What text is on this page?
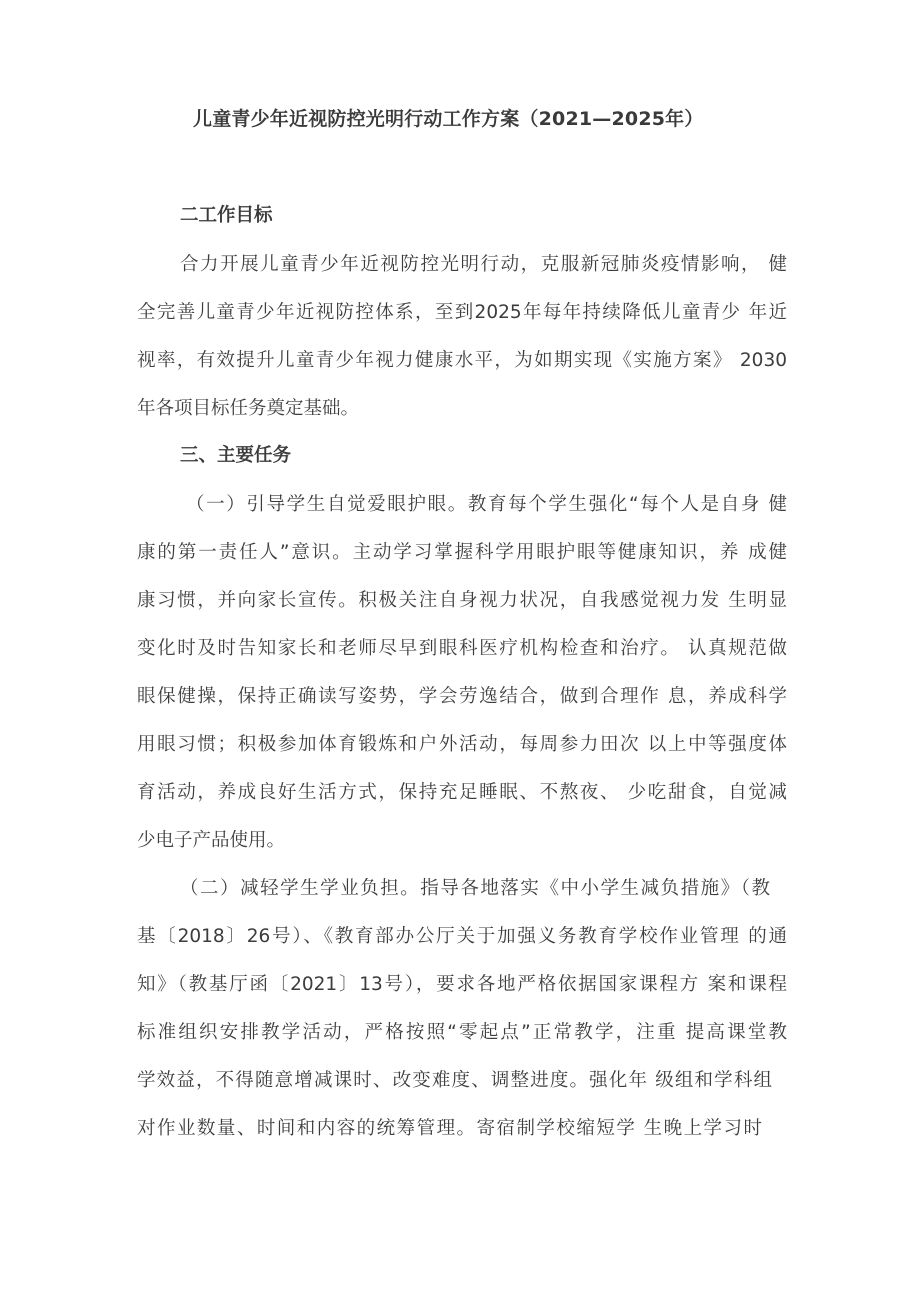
儿童青少年近视防控光明行动工作方案（2021—2025年）
二工作目标
合力开展儿童青少年近视防控光明行动，克服新冠肺炎疫情影响， 健
全完善儿童青少年近视防控体系，至到2025年每年持续降低儿童青少 年近
视率，有效提升儿童青少年视力健康水平，为如期实现《实施方案》 2030
年各项目标任务奠定基础。
三、主要任务
（一）引导学生自觉爱眼护眼。教育每个学生强化“每个人是自身 健
康的第一责任人”意识。主动学习掌握科学用眼护眼等健康知识，养 成健
康习惯，并向家长宣传。积极关注自身视力状况，自我感觉视力发 生明显
变化时及时告知家长和老师尽早到眼科医疗机构检查和治疗。 认真规范做
眼保健操，保持正确读写姿势，学会劳逸结合，做到合理作 息，养成科学
用眼习惯；积极参加体育锻炼和户外活动，每周参力田次 以上中等强度体
育活动，养成良好生活方式，保持充足睡眠、不熬夜、 少吃甜食，自觉减
少电子产品使用。
（二）减轻学生学业负担。指导各地落实《中小学生减负措施》（教
基〔2018〕26号）、《教育部办公厅关于加强义务教育学校作业管理 的通
知》（教基厅函〔2021〕13号），要求各地严格依据国家课程方 案和课程
标准组织安排教学活动，严格按照“零起点”正常教学，注重 提高课堂教
学效益，不得随意增减课时、改变难度、调整进度。强化年 级组和学科组
对作业数量、时间和内容的统筹管理。寄宿制学校缩短学 生晚上学习时
